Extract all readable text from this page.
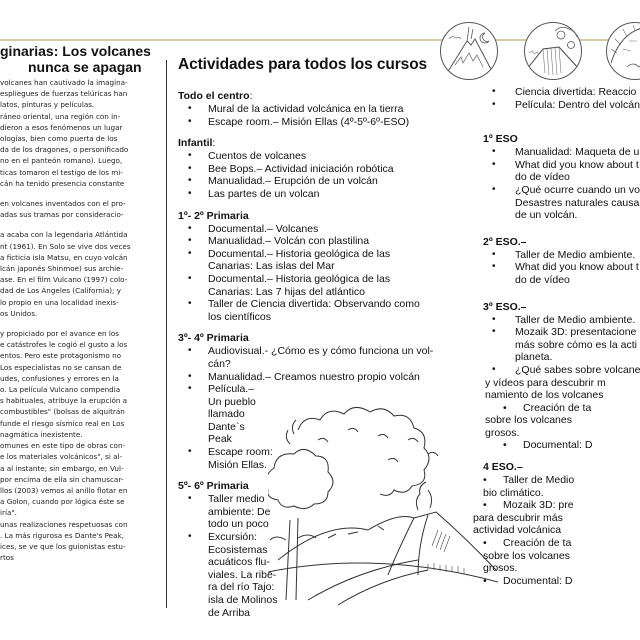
ginarias: Los volcanes
nunca se apagan

volcanes han cautivado la imagina-

espliegues de fuerzas telúricas han

latos, pinturas y películas.

ráneo oriental, una región con in-

dieron a esos fenómenos un lugar

ologías, bien como puerta de los

da de los dragones, o personificado

no en el panteón romano). Luego,

ticas tomaron el testigo de los mi-

cán ha tenido presencia constante

en volcanes inventados con el pro-

adas sus tramas por consideracio-

a acaba con la legendaria Atlántida

nt (1961). En Solo se vive dos veces

a ficticia isla Matsu, en cuyo volcán

lcán japonés Shinmoe) sus archie-

ase. En el film Vulcano (1997) colo-

dad de Los Ángeles (California); y

lo propio en una localidad inexis-

os Unidos.

y propiciado por el avance en los

e catástrofes le cogió el gusto a los

entos. Pero este protagonismo no

Los especialistas no se cansan de

udes, confusiones y errores en la

o. La película Vulcano compendia

s habituales, atribuye la erupción a

combustibles" (bolsas de alquitrán

funde el riesgo sísmico real en Los

nagmática inexistente.

omunes en este tipo de obras con-

e los materiales volcánicos", si al-

a al instante; sin embargo, en Vul-

por encima de ella sin chamuscar-

llos (2003) vemos al anillo flotar en

a Golon, cuando por lógica éste se

iría".

unas realizaciones respetuosas con

. La más rigurosa es Dante's Peak,

ices, se ve que los guionistas estu-

rtos

Actividades para todos los cursos
Todo el centro:
• Mural de la actividad volcánica en la tierra
• Escape room.– Misión Ellas (4º-5º-6º-ESO)
Infantil:
• Cuentos de volcanes
• Bee Bops.– Actividad iniciación robótica
• Manualidad.– Erupción de un volcán
• Las partes de un volcan
1º- 2º Primaria
• Documental.– Volcanes
• Manualidad.– Volcán con plastilina
• Documental.– Historia geológica de las Canarias: Las islas del Mar
• Documental.– Historia geológica de las Canarias: Las 7 hijas del atlántico
• Taller de Ciencia divertida: Observando como los científicos
3º- 4º Primaria
• Audiovisual.- ¿Cómo es y cómo funciona un vol-
cán?
• Manualidad.– Creamos nuestro propio volcán
• Película.– Un pueblo llamado Dante`s Peak
• Escape room: Misión Ellas.
5º- 6º Primaria
• Taller medio ambiente: De todo un poco
• Excursión: Ecosistemas acuáticos flu-viales. La ribe-ra del río Tajo: isla de Molinos de Arriba
• Ciencia divertida: Reaccio
• Película: Dentro del volcán
1º ESO
• Manualidad: Maqueta de u
• What did you know about t
do de vídeo
• ¿Qué ocurre cuando un vo
Desastres naturales causa
de un volcán.
2º ESO.–
• Taller de Medio ambiente.
• What did you know about t
do de vídeo
3º ESO.–
• Taller de Medio ambiente.
• Mozaik 3D: presentacione
más sobre cómo es la acti
planeta.
• ¿Qué sabes sobre volcane
y vídeos para descubrir m
namiento de los volcanes
• Creación de ta
sobre los volcanes
grosos.
• Documental: D
4 ESO.–
• Taller de Medio
bio climático.
• Mozaik 3D: pre
para descubrir más
actividad volcánica
• Creación de ta
sobre los volcanes
grosos.
• Documental: D
